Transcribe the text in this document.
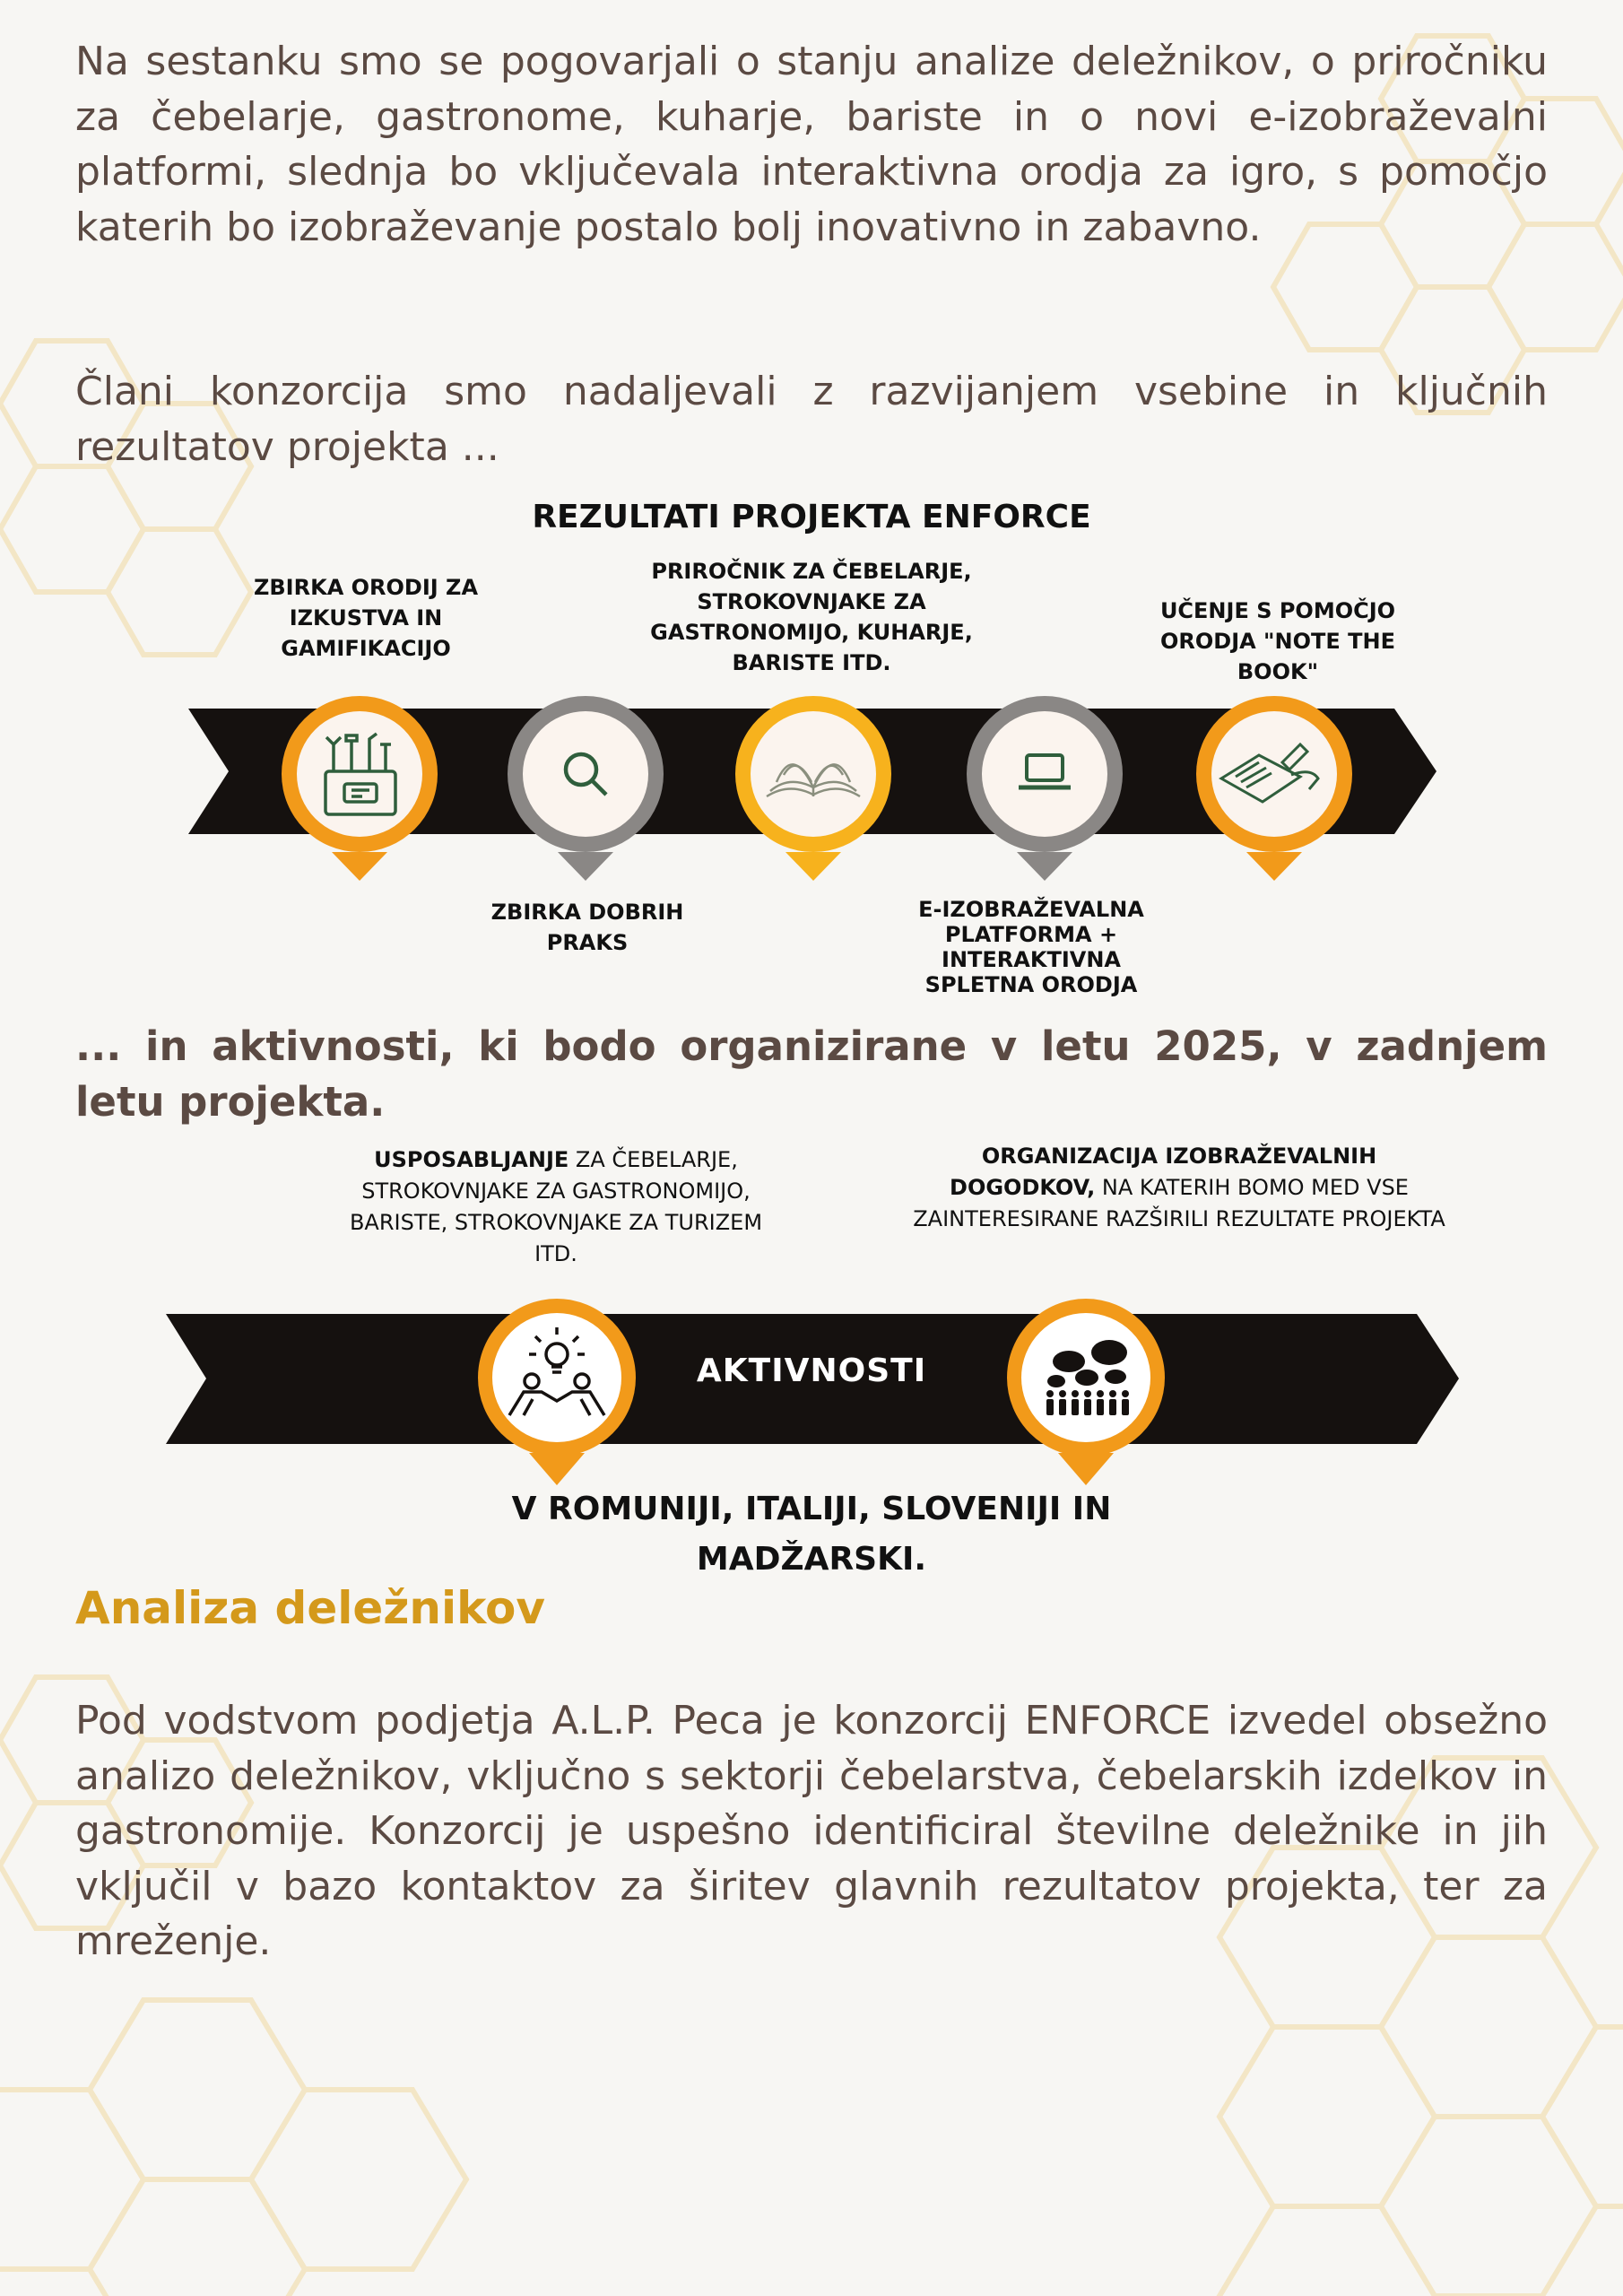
Na sestanku smo se pogovarjali o stanju analize deležnikov, o priročniku za čebelarje, gastronome, kuharje, bariste in o novi e-izobraževalni platformi, slednja bo vključevala interaktivna orodja za igro, s pomočjo katerih bo izobraževanje postalo bolj inovativno in zabavno.

Člani konzorcija smo nadaljevali z razvijanjem vsebine in ključnih rezultatov projekta ...

REZULTATI PROJEKTA ENFORCE

ZBIRKA ORODIJ ZA IZKUSTVA IN GAMIFIKACIJO

ZBIRKA DOBRIH PRAKS

PRIROČNIK ZA ČEBELARJE, STROKOVNJAKE ZA GASTRONOMIJO, KUHARJE, BARISTE ITD.

E-IZOBRAŽEVALNA PLATFORMA + INTERAKTIVNA SPLETNA ORODJA

UČENJE S POMOČJO ORODJA "NOTE THE BOOK"

... in aktivnosti, ki bodo organizirane v letu 2025, v zadnjem letu projekta.

USPOSABLJANJE ZA ČEBELARJE, STROKOVNJAKE ZA GASTRONOMIJO, BARISTE, STROKOVNJAKE ZA TURIZEM ITD.

ORGANIZACIJA IZOBRAŽEVALNIH DOGODKOV, NA KATERIH BOMO MED VSE ZAINTERESIRANE RAZŠIRILI REZULTATE PROJEKTA

AKTIVNOSTI

V ROMUNIJI, ITALIJI, SLOVENIJI IN MADŽARSKI.

Analiza deležnikov

Pod vodstvom podjetja A.L.P. Peca je konzorcij ENFORCE izvedel obsežno analizo deležnikov, vključno s sektorji čebelarstva, čebelarskih izdelkov in gastronomije. Konzorcij je uspešno identificiral številne deležnike in jih vključil v bazo kontaktov za širitev glavnih rezultatov projekta, ter za mreženje.
